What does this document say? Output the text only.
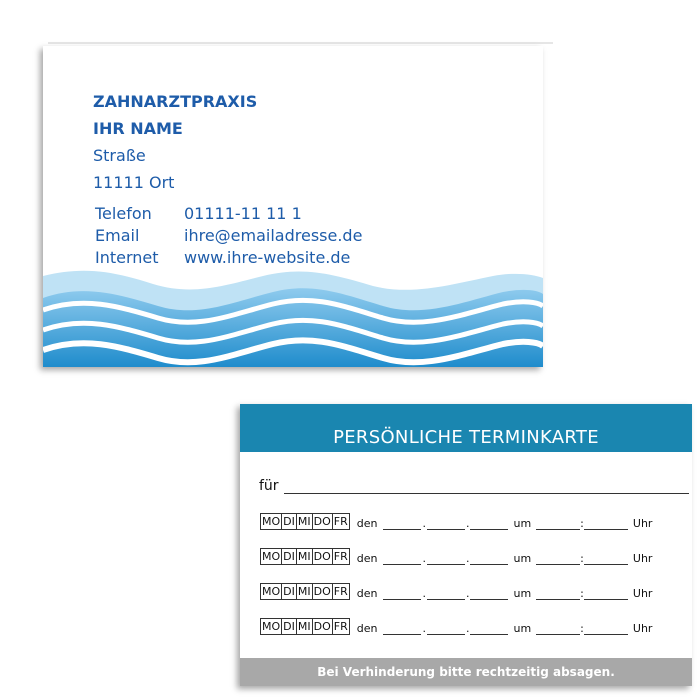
ZAHNARZTPRAXIS
IHR NAME
Straße
11111 Ort
Telefon	01111-11 11 1
Email	ihre@emailadresse.de
Internet	www.ihre-website.de
PERSÖNLICHE TERMINKARTE
für
MO DI MI DO FR den	.	.	um	:	Uhr
MO DI MI DO FR den	.	.	um	:	Uhr
MO DI MI DO FR den	.	.	um	:	Uhr
MO DI MI DO FR den	.	.	um	:	Uhr
Bei Verhinderung bitte rechtzeitig absagen.
